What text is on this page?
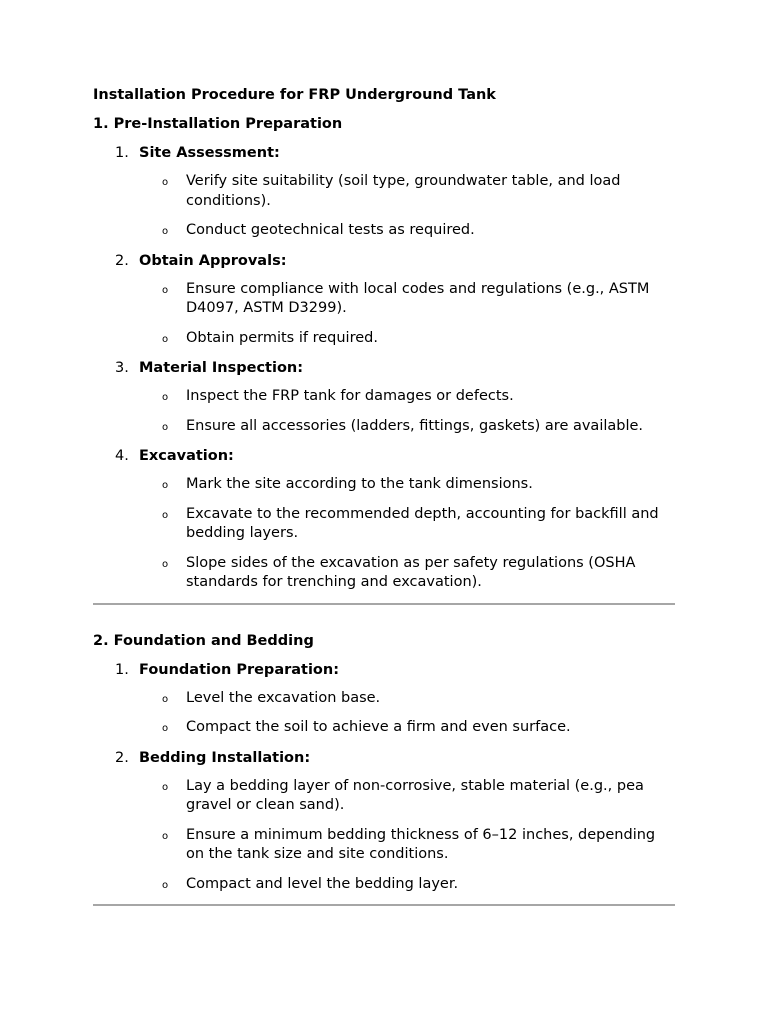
Installation Procedure for FRP Underground Tank
1. Pre-Installation Preparation
1. Site Assessment:
o Verify site suitability (soil type, groundwater table, and load conditions).
o Conduct geotechnical tests as required.
2. Obtain Approvals:
o Ensure compliance with local codes and regulations (e.g., ASTM D4097, ASTM D3299).
o Obtain permits if required.
3. Material Inspection:
o Inspect the FRP tank for damages or defects.
o Ensure all accessories (ladders, fittings, gaskets) are available.
4. Excavation:
o Mark the site according to the tank dimensions.
o Excavate to the recommended depth, accounting for backfill and bedding layers.
o Slope sides of the excavation as per safety regulations (OSHA standards for trenching and excavation).
2. Foundation and Bedding
1. Foundation Preparation:
o Level the excavation base.
o Compact the soil to achieve a firm and even surface.
2. Bedding Installation:
o Lay a bedding layer of non-corrosive, stable material (e.g., pea gravel or clean sand).
o Ensure a minimum bedding thickness of 6–12 inches, depending on the tank size and site conditions.
o Compact and level the bedding layer.
